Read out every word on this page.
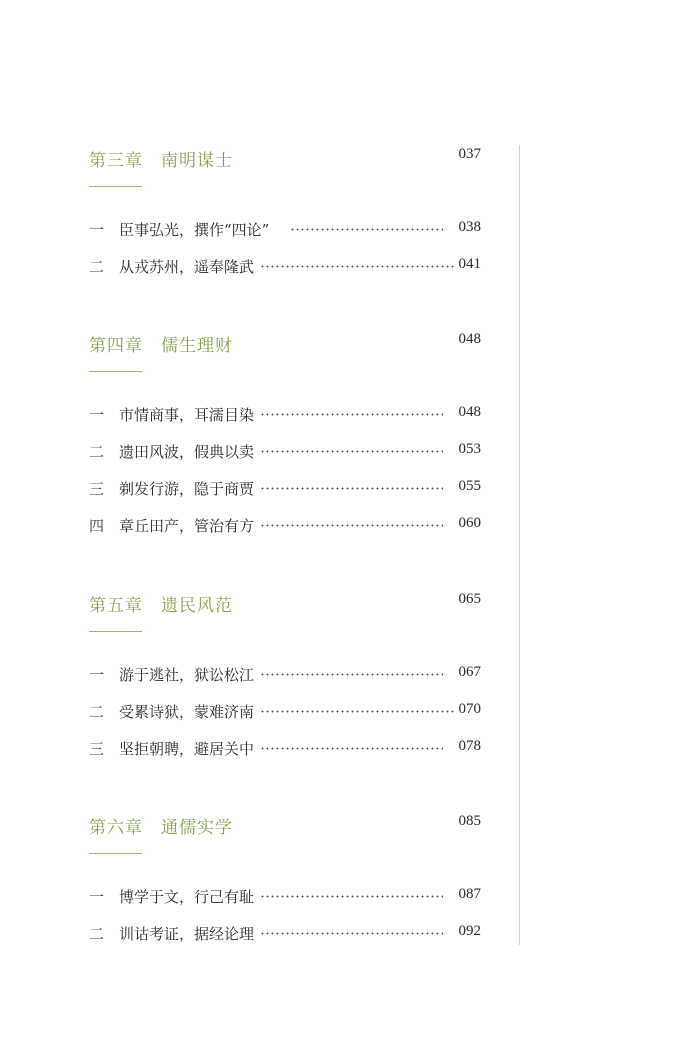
第三章　南明谋士	037
一 臣事弘光，撰作“四论”	038
二 从戎苏州，遥奉隆武	041
第四章　儒生理财	048
一 市情商事，耳濡目染	048
二 遗田风波，假典以卖	053
三 剃发行游，隐于商贾	055
四 章丘田产，管治有方	060
第五章　遗民风范	065
一 游于逃社，狱讼松江	067
二 受累诗狱，蒙难济南	070
三 坚拒朝聘，避居关中	078
第六章　通儒实学	085
一 博学于文，行己有耻	087
二 训诂考证，据经论理	092
